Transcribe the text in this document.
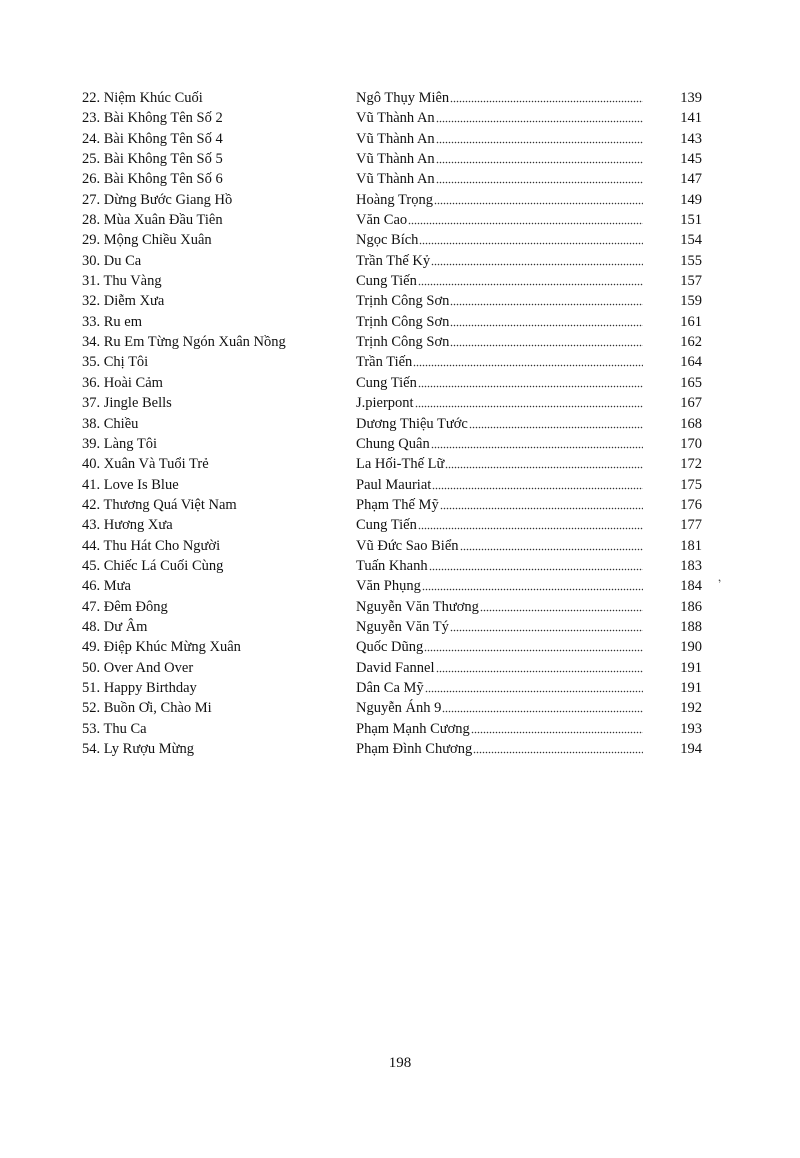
22. Niệm Khúc Cuối	Ngô Thụy Miên	139
23. Bài Không Tên Số 2	Vũ Thành An	141
24. Bài Không Tên Số 4	Vũ Thành An	143
25. Bài Không Tên Số 5	Vũ Thành An	145
26. Bài Không Tên Số 6	Vũ Thành An	147
27. Dừng Bước Giang Hồ	Hoàng Trọng	149
28. Mùa Xuân Đầu Tiên	Văn Cao	151
29. Mộng Chiều Xuân	Ngọc Bích	154
30. Du Ca	Trần Thế Kỷ	155
31. Thu Vàng	Cung Tiến	157
32. Diễm Xưa	Trịnh Công Sơn	159
33. Ru em	Trịnh Công Sơn	161
34. Ru Em Từng Ngón Xuân Nồng	Trịnh Công Sơn	162
35. Chị Tôi	Trần Tiến	164
36. Hoài Cảm	Cung Tiến	165
37. Jingle Bells	J.pierpont	167
38. Chiều	Dương Thiệu Tước	168
39. Làng Tôi	Chung Quân	170
40. Xuân Và Tuổi Trẻ	La Hối-Thế Lữ	172
41. Love Is Blue	Paul Mauriat	175
42. Thương Quá Việt Nam	Phạm Thế Mỹ	176
43. Hương Xưa	Cung Tiến	177
44. Thu Hát Cho Người	Vũ Đức Sao Biển	181
45. Chiếc Lá Cuối Cùng	Tuấn Khanh	183
46. Mưa	Văn Phụng	184
47. Đêm Đông	Nguyễn Văn Thương	186
48. Dư Âm	Nguyễn Văn Tý	188
49. Điệp Khúc Mừng Xuân	Quốc Dũng	190
50. Over And Over	David Fannel	191
51. Happy Birthday	Dân Ca Mỹ	191
52. Buồn Ơi, Chào Mi	Nguyễn Ánh 9	192
53. Thu Ca	Phạm Mạnh Cương	193
54. Ly Rượu Mừng	Phạm Đình Chương	194
,
198
